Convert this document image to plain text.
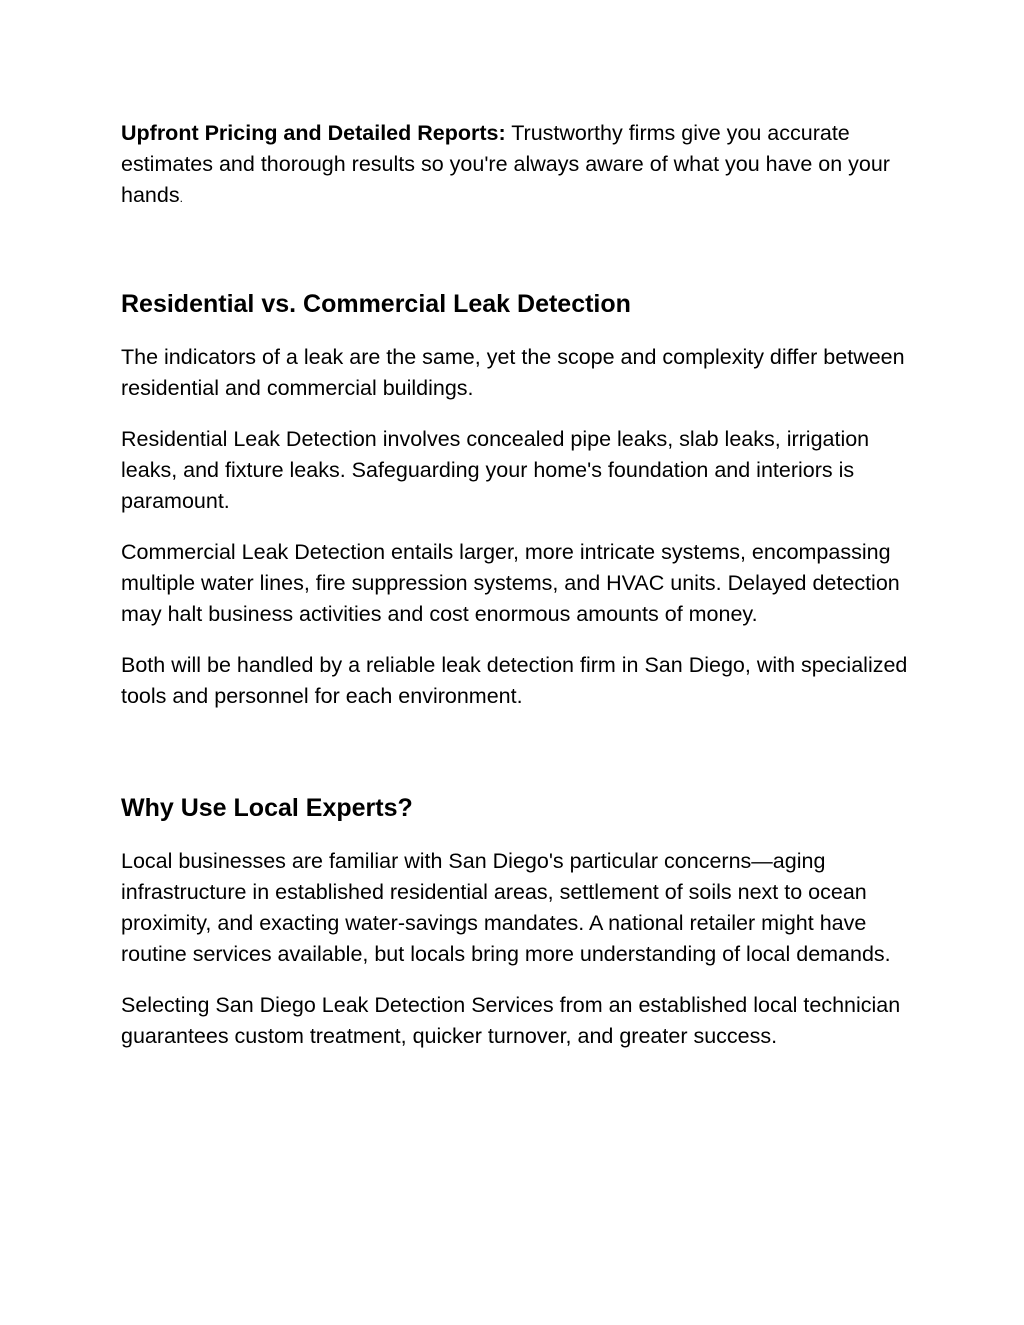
Upfront Pricing and Detailed Reports: Trustworthy firms give you accurate estimates and thorough results so you're always aware of what you have on your hands.

Residential vs. Commercial Leak Detection

The indicators of a leak are the same, yet the scope and complexity differ between residential and commercial buildings.

Residential Leak Detection involves concealed pipe leaks, slab leaks, irrigation leaks, and fixture leaks. Safeguarding your home's foundation and interiors is paramount.

Commercial Leak Detection entails larger, more intricate systems, encompassing multiple water lines, fire suppression systems, and HVAC units. Delayed detection may halt business activities and cost enormous amounts of money.

Both will be handled by a reliable leak detection firm in San Diego, with specialized tools and personnel for each environment.

Why Use Local Experts?

Local businesses are familiar with San Diego's particular concerns—aging infrastructure in established residential areas, settlement of soils next to ocean proximity, and exacting water-savings mandates. A national retailer might have routine services available, but locals bring more understanding of local demands.

Selecting San Diego Leak Detection Services from an established local technician guarantees custom treatment, quicker turnover, and greater success.
